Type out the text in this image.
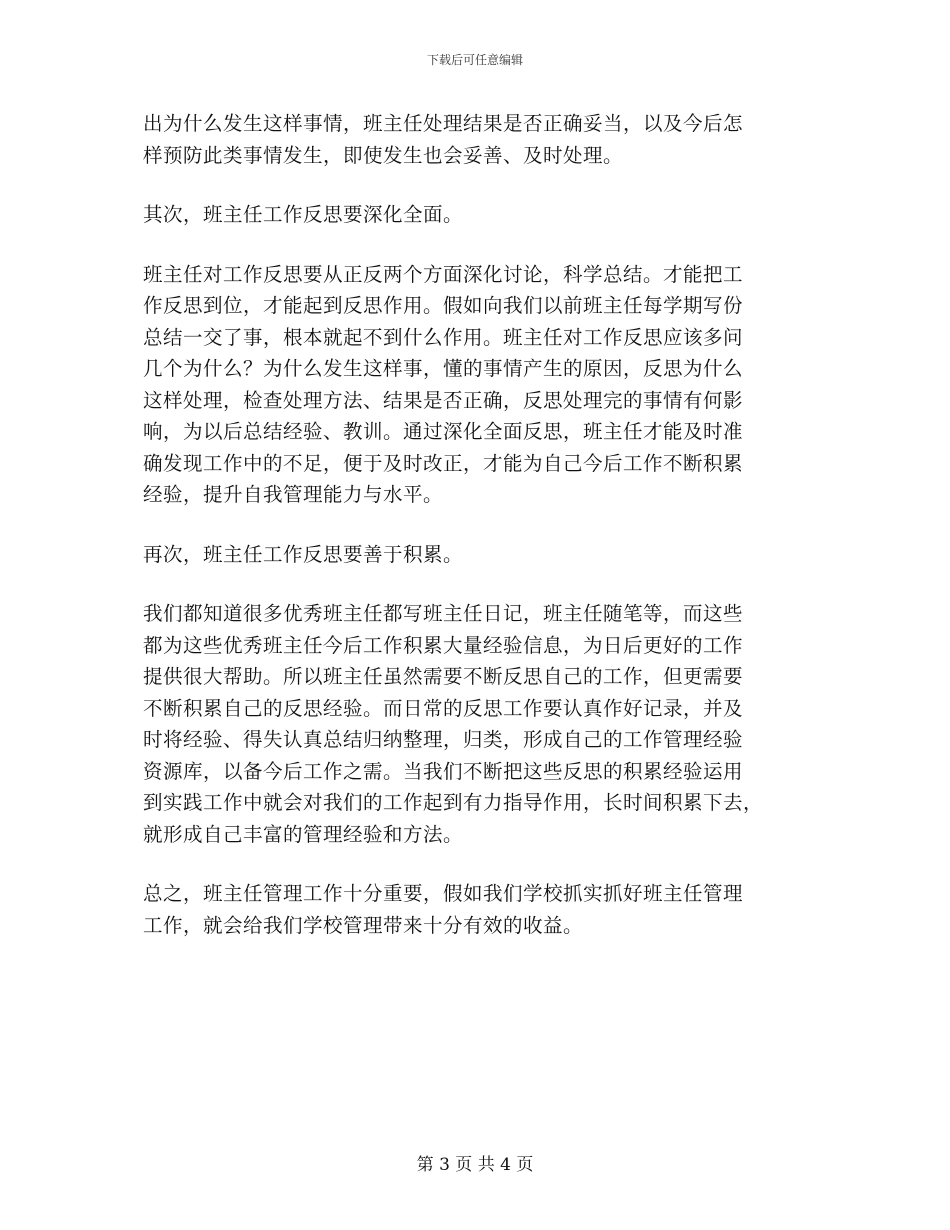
下载后可任意编辑

出为什么发生这样事情，班主任处理结果是否正确妥当，以及今后怎
样预防此类事情发生，即使发生也会妥善、及时处理。

其次，班主任工作反思要深化全面。

班主任对工作反思要从正反两个方面深化讨论，科学总结。才能把工
作反思到位，才能起到反思作用。假如向我们以前班主任每学期写份
总结一交了事，根本就起不到什么作用。班主任对工作反思应该多问
几个为什么？为什么发生这样事，懂的事情产生的原因，反思为什么
这样处理，检查处理方法、结果是否正确，反思处理完的事情有何影
响，为以后总结经验、教训。通过深化全面反思，班主任才能及时准
确发现工作中的不足，便于及时改正，才能为自己今后工作不断积累
经验，提升自我管理能力与水平。

再次，班主任工作反思要善于积累。

我们都知道很多优秀班主任都写班主任日记，班主任随笔等，而这些
都为这些优秀班主任今后工作积累大量经验信息，为日后更好的工作
提供很大帮助。所以班主任虽然需要不断反思自己的工作，但更需要
不断积累自己的反思经验。而日常的反思工作要认真作好记录，并及
时将经验、得失认真总结归纳整理，归类，形成自己的工作管理经验
资源库，以备今后工作之需。当我们不断把这些反思的积累经验运用
到实践工作中就会对我们的工作起到有力指导作用，长时间积累下去，
就形成自己丰富的管理经验和方法。

总之，班主任管理工作十分重要，假如我们学校抓实抓好班主任管理
工作，就会给我们学校管理带来十分有效的收益。

第 3 页 共 4 页
